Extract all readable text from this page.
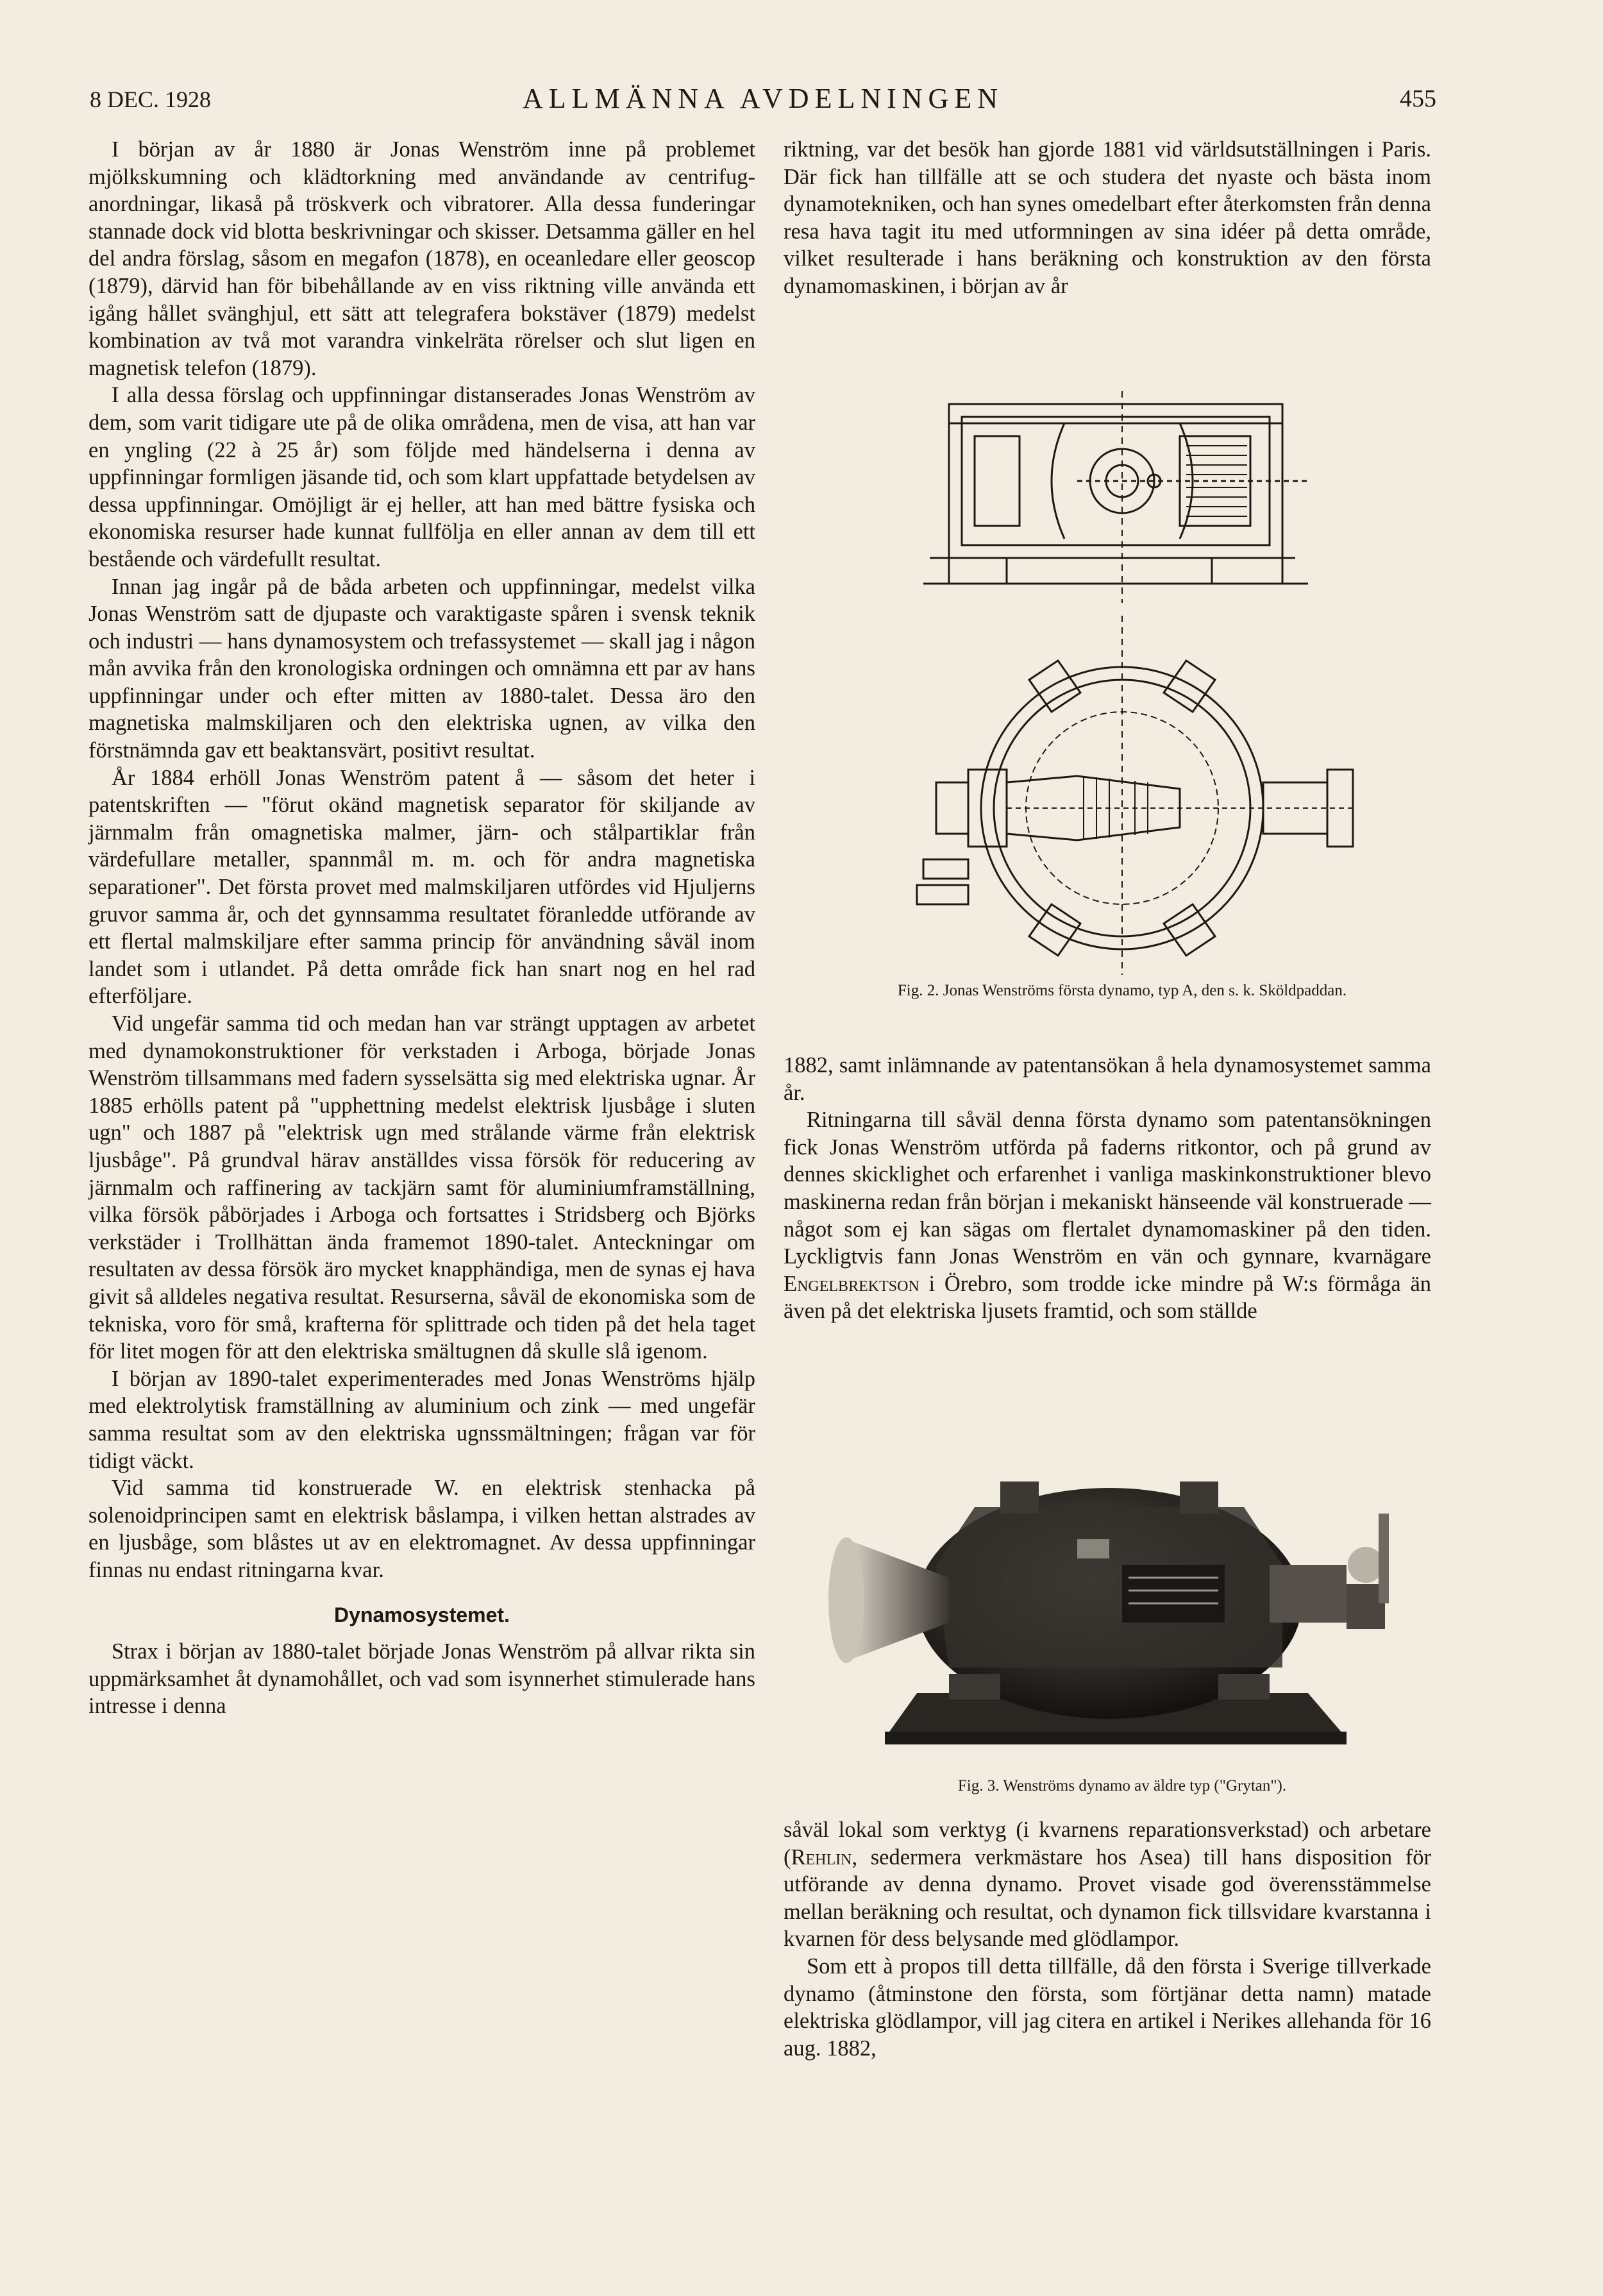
8 DEC. 1928	ALLMÄNNA AVDELNINGEN	455

I början av år 1880 är Jonas Wenström inne på problemet mjölkskumning och klädtorkning med användande av centrifug-anordningar, likaså på tröskverk och vibratorer. Alla dessa funderingar stannade dock vid blotta beskrivningar och skisser. Detsamma gäller en hel del andra förslag, såsom en megafon (1878), en oceanledare eller geoscop (1879), därvid han för bibehållande av en viss riktning ville använda ett igång hållet svänghjul, ett sätt att telegrafera bokstäver (1879) medelst kombination av två mot varandra vinkelräta rörelser och slut ligen en magnetisk telefon (1879).

I alla dessa förslag och uppfinningar distanserades Jonas Wenström av dem, som varit tidigare ute på de olika områdena, men de visa, att han var en yngling (22 à 25 år) som följde med händelserna i denna av uppfinningar formligen jäsande tid, och som klart uppfattade betydelsen av dessa uppfinningar. Omöjligt är ej heller, att han med bättre fysiska och ekonomiska resurser hade kunnat fullfölja en eller annan av dem till ett bestående och värdefullt resultat.

Innan jag ingår på de båda arbeten och uppfinningar, medelst vilka Jonas Wenström satt de djupaste och varaktigaste spåren i svensk teknik och industri — hans dynamosystem och trefassystemet — skall jag i någon mån avvika från den kronologiska ordningen och omnämna ett par av hans uppfinningar under och efter mitten av 1880-talet. Dessa äro den magnetiska malmskiljaren och den elektriska ugnen, av vilka den förstnämnda gav ett beaktansvärt, positivt resultat.

År 1884 erhöll Jonas Wenström patent å — såsom det heter i patentskriften — "förut okänd magnetisk separator för skiljande av järnmalm från omagnetiska malmer, järn- och stålpartiklar från värdefullare metaller, spannmål m. m. och för andra magnetiska separationer". Det första provet med malmskiljaren utfördes vid Hjuljerns gruvor samma år, och det gynnsamma resultatet föranledde utförande av ett flertal malmskiljare efter samma princip för användning såväl inom landet som i utlandet. På detta område fick han snart nog en hel rad efterföljare.

Vid ungefär samma tid och medan han var strängt upptagen av arbetet med dynamokonstruktioner för verkstaden i Arboga, började Jonas Wenström tillsammans med fadern sysselsätta sig med elektriska ugnar. År 1885 erhölls patent på "upphettning medelst elektrisk ljusbåge i sluten ugn" och 1887 på "elektrisk ugn med strålande värme från elektrisk ljusbåge". På grundval härav anställdes vissa försök för reducering av järnmalm och raffinering av tackjärn samt för aluminiumframställning, vilka försök påbörjades i Arboga och fortsattes i Stridsberg och Björks verkstäder i Trollhättan ända framemot 1890-talet. Anteckningar om resultaten av dessa försök äro mycket knapphändiga, men de synas ej hava givit så alldeles negativa resultat. Resurserna, såväl de ekonomiska som de tekniska, voro för små, krafterna för splittrade och tiden på det hela taget för litet mogen för att den elektriska smältugnen då skulle slå igenom.

I början av 1890-talet experimenterades med Jonas Wenströms hjälp med elektrolytisk framställning av aluminium och zink — med ungefär samma resultat som av den elektriska ugnssmältningen; frågan var för tidigt väckt.

Vid samma tid konstruerade W. en elektrisk stenhacka på solenoidprincipen samt en elektrisk båslampa, i vilken hettan alstrades av en ljusbåge, som blåstes ut av en elektromagnet. Av dessa uppfinningar finnas nu endast ritningarna kvar.

Dynamosystemet.

Strax i början av 1880-talet började Jonas Wenström på allvar rikta sin uppmärksamhet åt dynamohållet, och vad som isynnerhet stimulerade hans intresse i denna

riktning, var det besök han gjorde 1881 vid världsutställningen i Paris. Där fick han tillfälle att se och studera det nyaste och bästa inom dynamotekniken, och han synes omedelbart efter återkomsten från denna resa hava tagit itu med utformningen av sina idéer på detta område, vilket resulterade i hans beräkning och konstruktion av den första dynamomaskinen, i början av år

Fig. 2. Jonas Wenströms första dynamo, typ A, den s. k. Sköldpaddan.

1882, samt inlämnande av patentansökan å hela dynamosystemet samma år.

Ritningarna till såväl denna första dynamo som patentansökningen fick Jonas Wenström utförda på faderns ritkontor, och på grund av dennes skicklighet och erfarenhet i vanliga maskinkonstruktioner blevo maskinerna redan från början i mekaniskt hänseende väl konstruerade — något som ej kan sägas om flertalet dynamomaskiner på den tiden. Lyckligtvis fann Jonas Wenström en vän och gynnare, kvarnägare Engelbrektson i Örebro, som trodde icke mindre på W:s förmåga än även på det elektriska ljusets framtid, och som ställde

Fig. 3. Wenströms dynamo av äldre typ ("Grytan").

såväl lokal som verktyg (i kvarnens reparationsverkstad) och arbetare (Rehlin, sedermera verkmästare hos Asea) till hans disposition för utförande av denna dynamo. Provet visade god överensstämmelse mellan beräkning och resultat, och dynamon fick tillsvidare kvarstanna i kvarnen för dess belysande med glödlampor.

Som ett à propos till detta tillfälle, då den första i Sverige tillverkade dynamo (åtminstone den första, som förtjänar detta namn) matade elektriska glödlampor, vill jag citera en artikel i Nerikes allehanda för 16 aug. 1882,
